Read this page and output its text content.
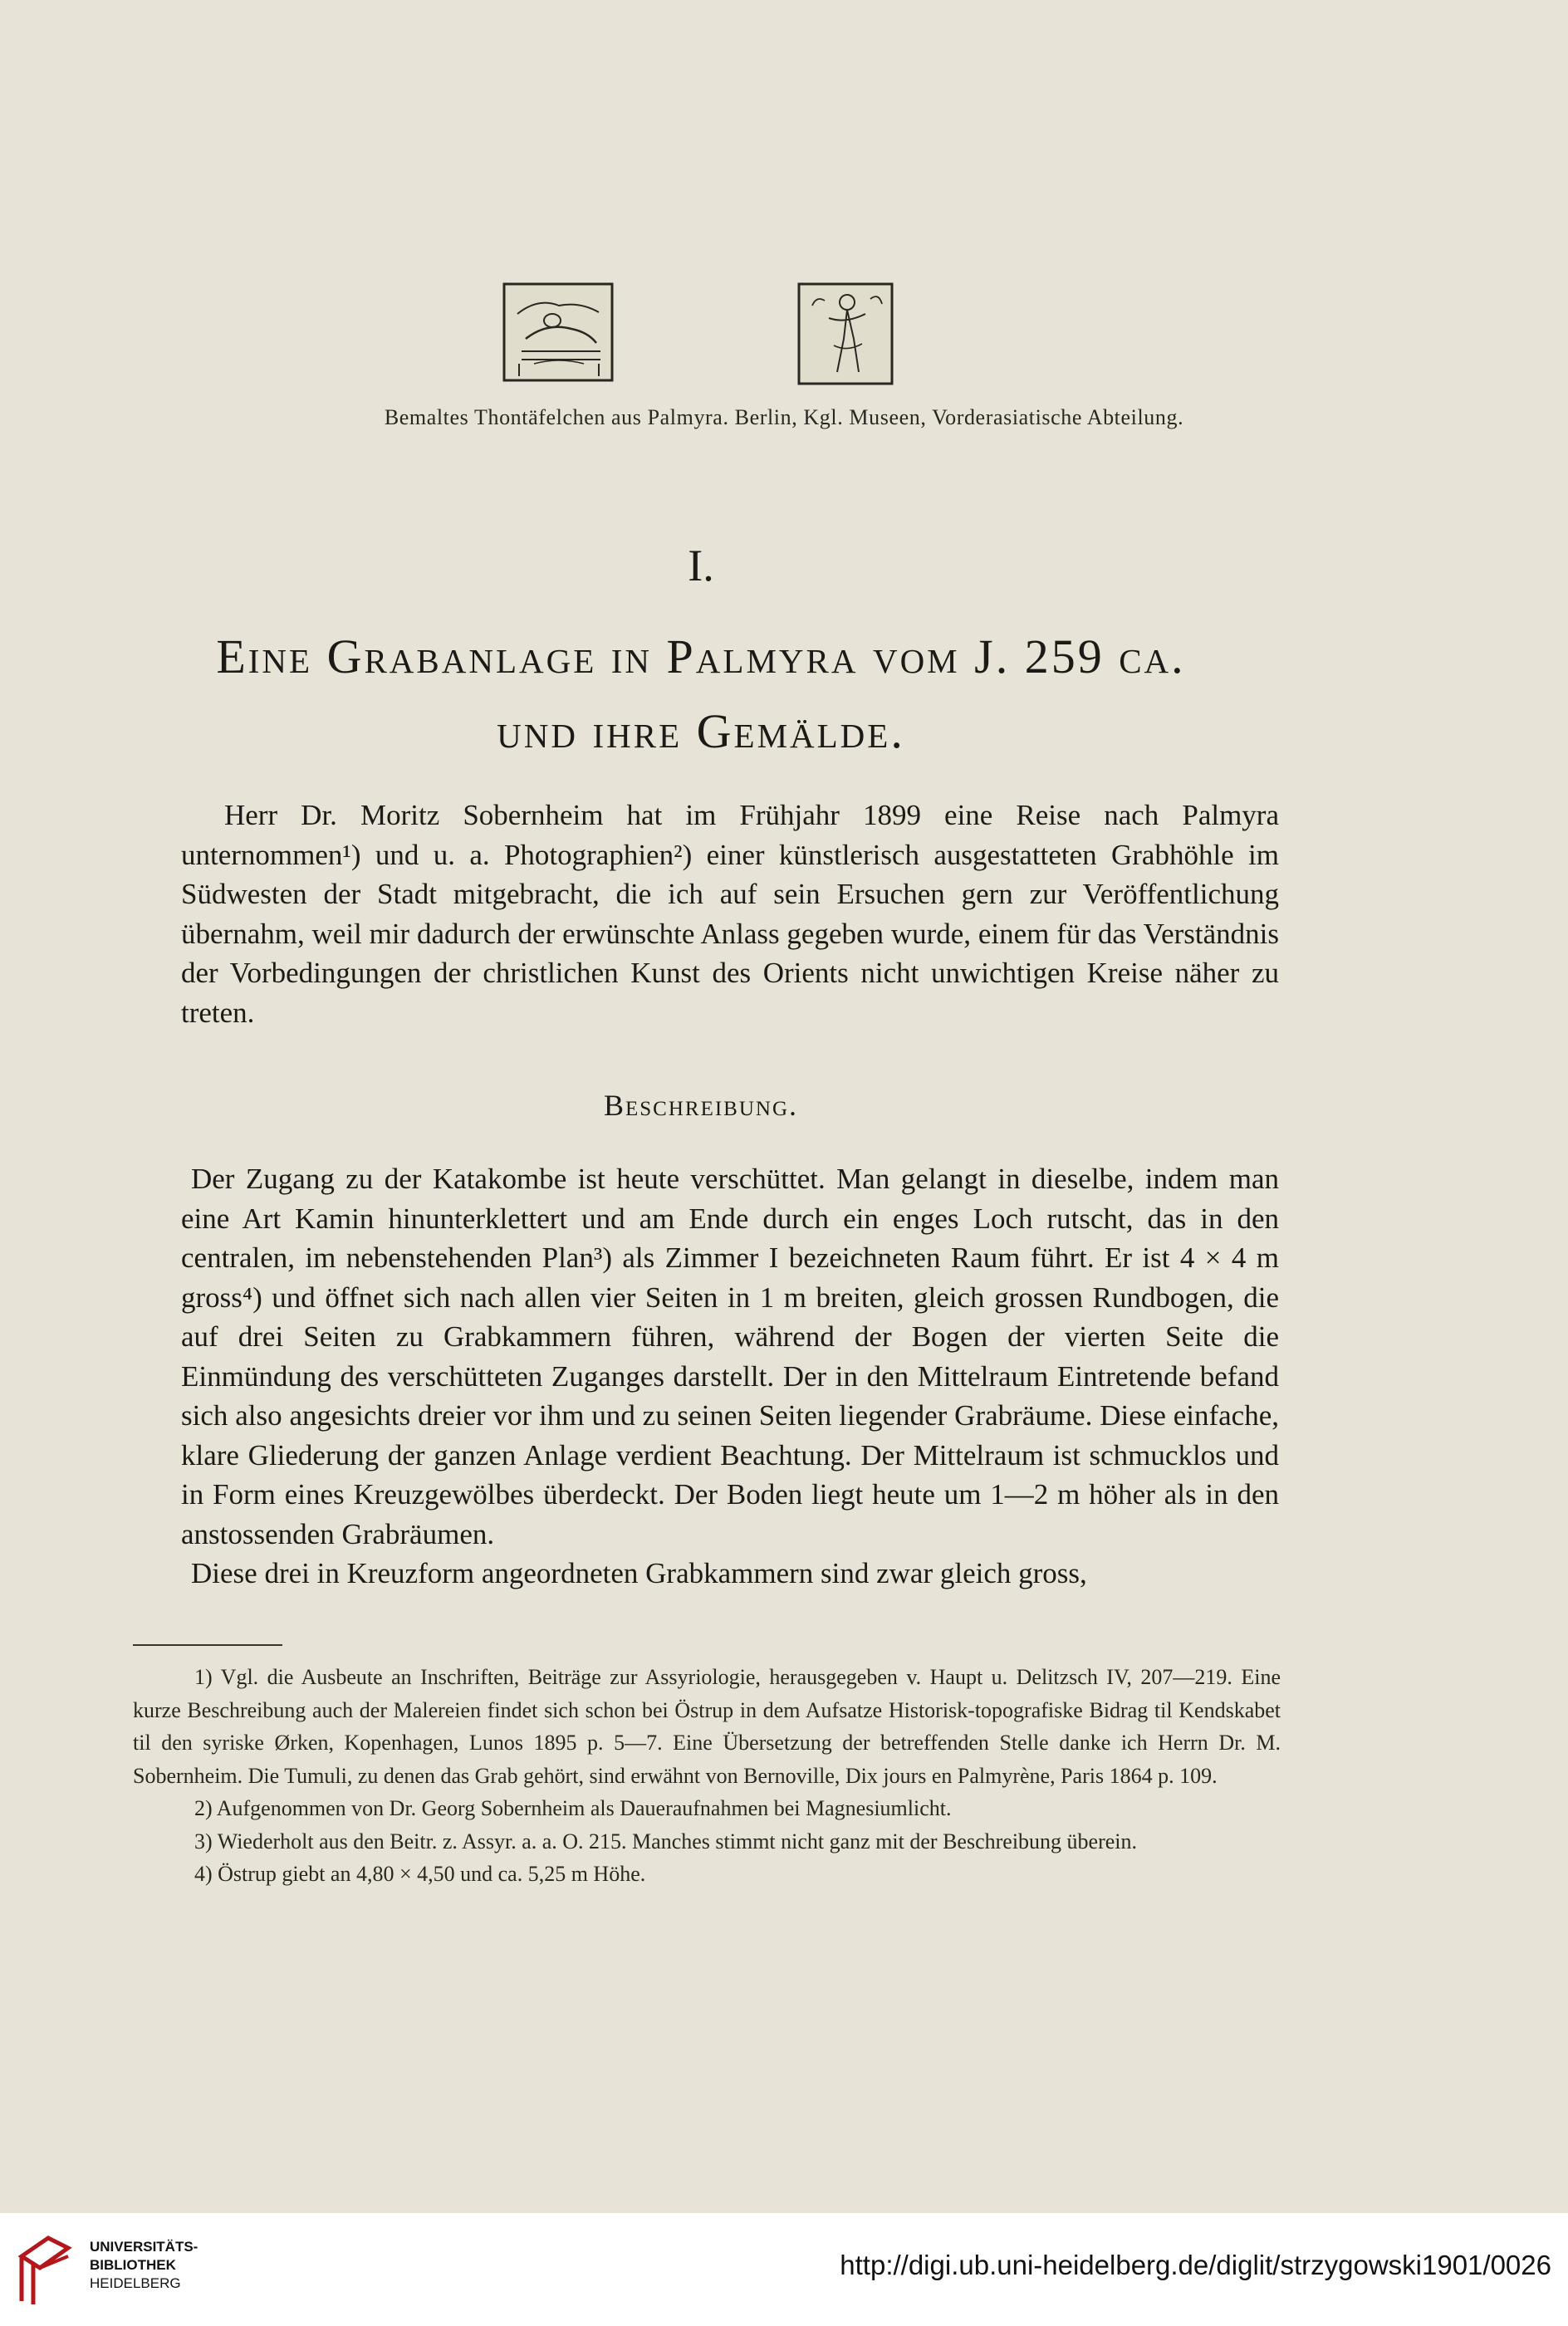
Bemaltes Thontäfelchen aus Palmyra. Berlin, Kgl. Museen, Vorderasiatische Abteilung.
I.
Eine Grabanlage in Palmyra vom J. 259 ca.
und ihre Gemälde.

Herr Dr. Moritz Sobernheim hat im Frühjahr 1899 eine Reise nach Palmyra unternommen¹) und u. a. Photographien²) einer künstlerisch ausgestatteten Grabhöhle im Südwesten der Stadt mitgebracht, die ich auf sein Ersuchen gern zur Veröffentlichung übernahm, weil mir dadurch der erwünschte Anlass gegeben wurde, einem für das Verständnis der Vorbedingungen der christlichen Kunst des Orients nicht unwichtigen Kreise näher zu treten.

Beschreibung.

Der Zugang zu der Katakombe ist heute verschüttet. Man gelangt in dieselbe, indem man eine Art Kamin hinunterklettert und am Ende durch ein enges Loch rutscht, das in den centralen, im nebenstehenden Plan³) als Zimmer I bezeichneten Raum führt. Er ist 4 × 4 m gross⁴) und öffnet sich nach allen vier Seiten in 1 m breiten, gleich grossen Rundbogen, die auf drei Seiten zu Grabkammern führen, während der Bogen der vierten Seite die Einmündung des verschütteten Zuganges darstellt. Der in den Mittelraum Eintretende befand sich also angesichts dreier vor ihm und zu seinen Seiten liegender Grabräume. Diese einfache, klare Gliederung der ganzen Anlage verdient Beachtung. Der Mittelraum ist schmucklos und in Form eines Kreuzgewölbes überdeckt. Der Boden liegt heute um 1—2 m höher als in den anstossenden Grabräumen.

Diese drei in Kreuzform angeordneten Grabkammern sind zwar gleich gross,

1) Vgl. die Ausbeute an Inschriften, Beiträge zur Assyriologie, herausgegeben v. Haupt u. Delitzsch IV, 207—219. Eine kurze Beschreibung auch der Malereien findet sich schon bei Östrup in dem Aufsatze Historisk-topografiske Bidrag til Kendskabet til den syriske Ørken, Kopenhagen, Lunos 1895 p. 5—7. Eine Übersetzung der betreffenden Stelle danke ich Herrn Dr. M. Sobernheim. Die Tumuli, zu denen das Grab gehört, sind erwähnt von Bernoville, Dix jours en Palmyrène, Paris 1864 p. 109.

2) Aufgenommen von Dr. Georg Sobernheim als Daueraufnahmen bei Magnesiumlicht.

3) Wiederholt aus den Beitr. z. Assyr. a. a. O. 215. Manches stimmt nicht ganz mit der Beschreibung überein.

4) Östrup giebt an 4,80 × 4,50 und ca. 5,25 m Höhe.

UNIVERSITÄTS-
BIBLIOTHEK
HEIDELBERG
http://digi.ub.uni-heidelberg.de/diglit/strzygowski1901/0026
